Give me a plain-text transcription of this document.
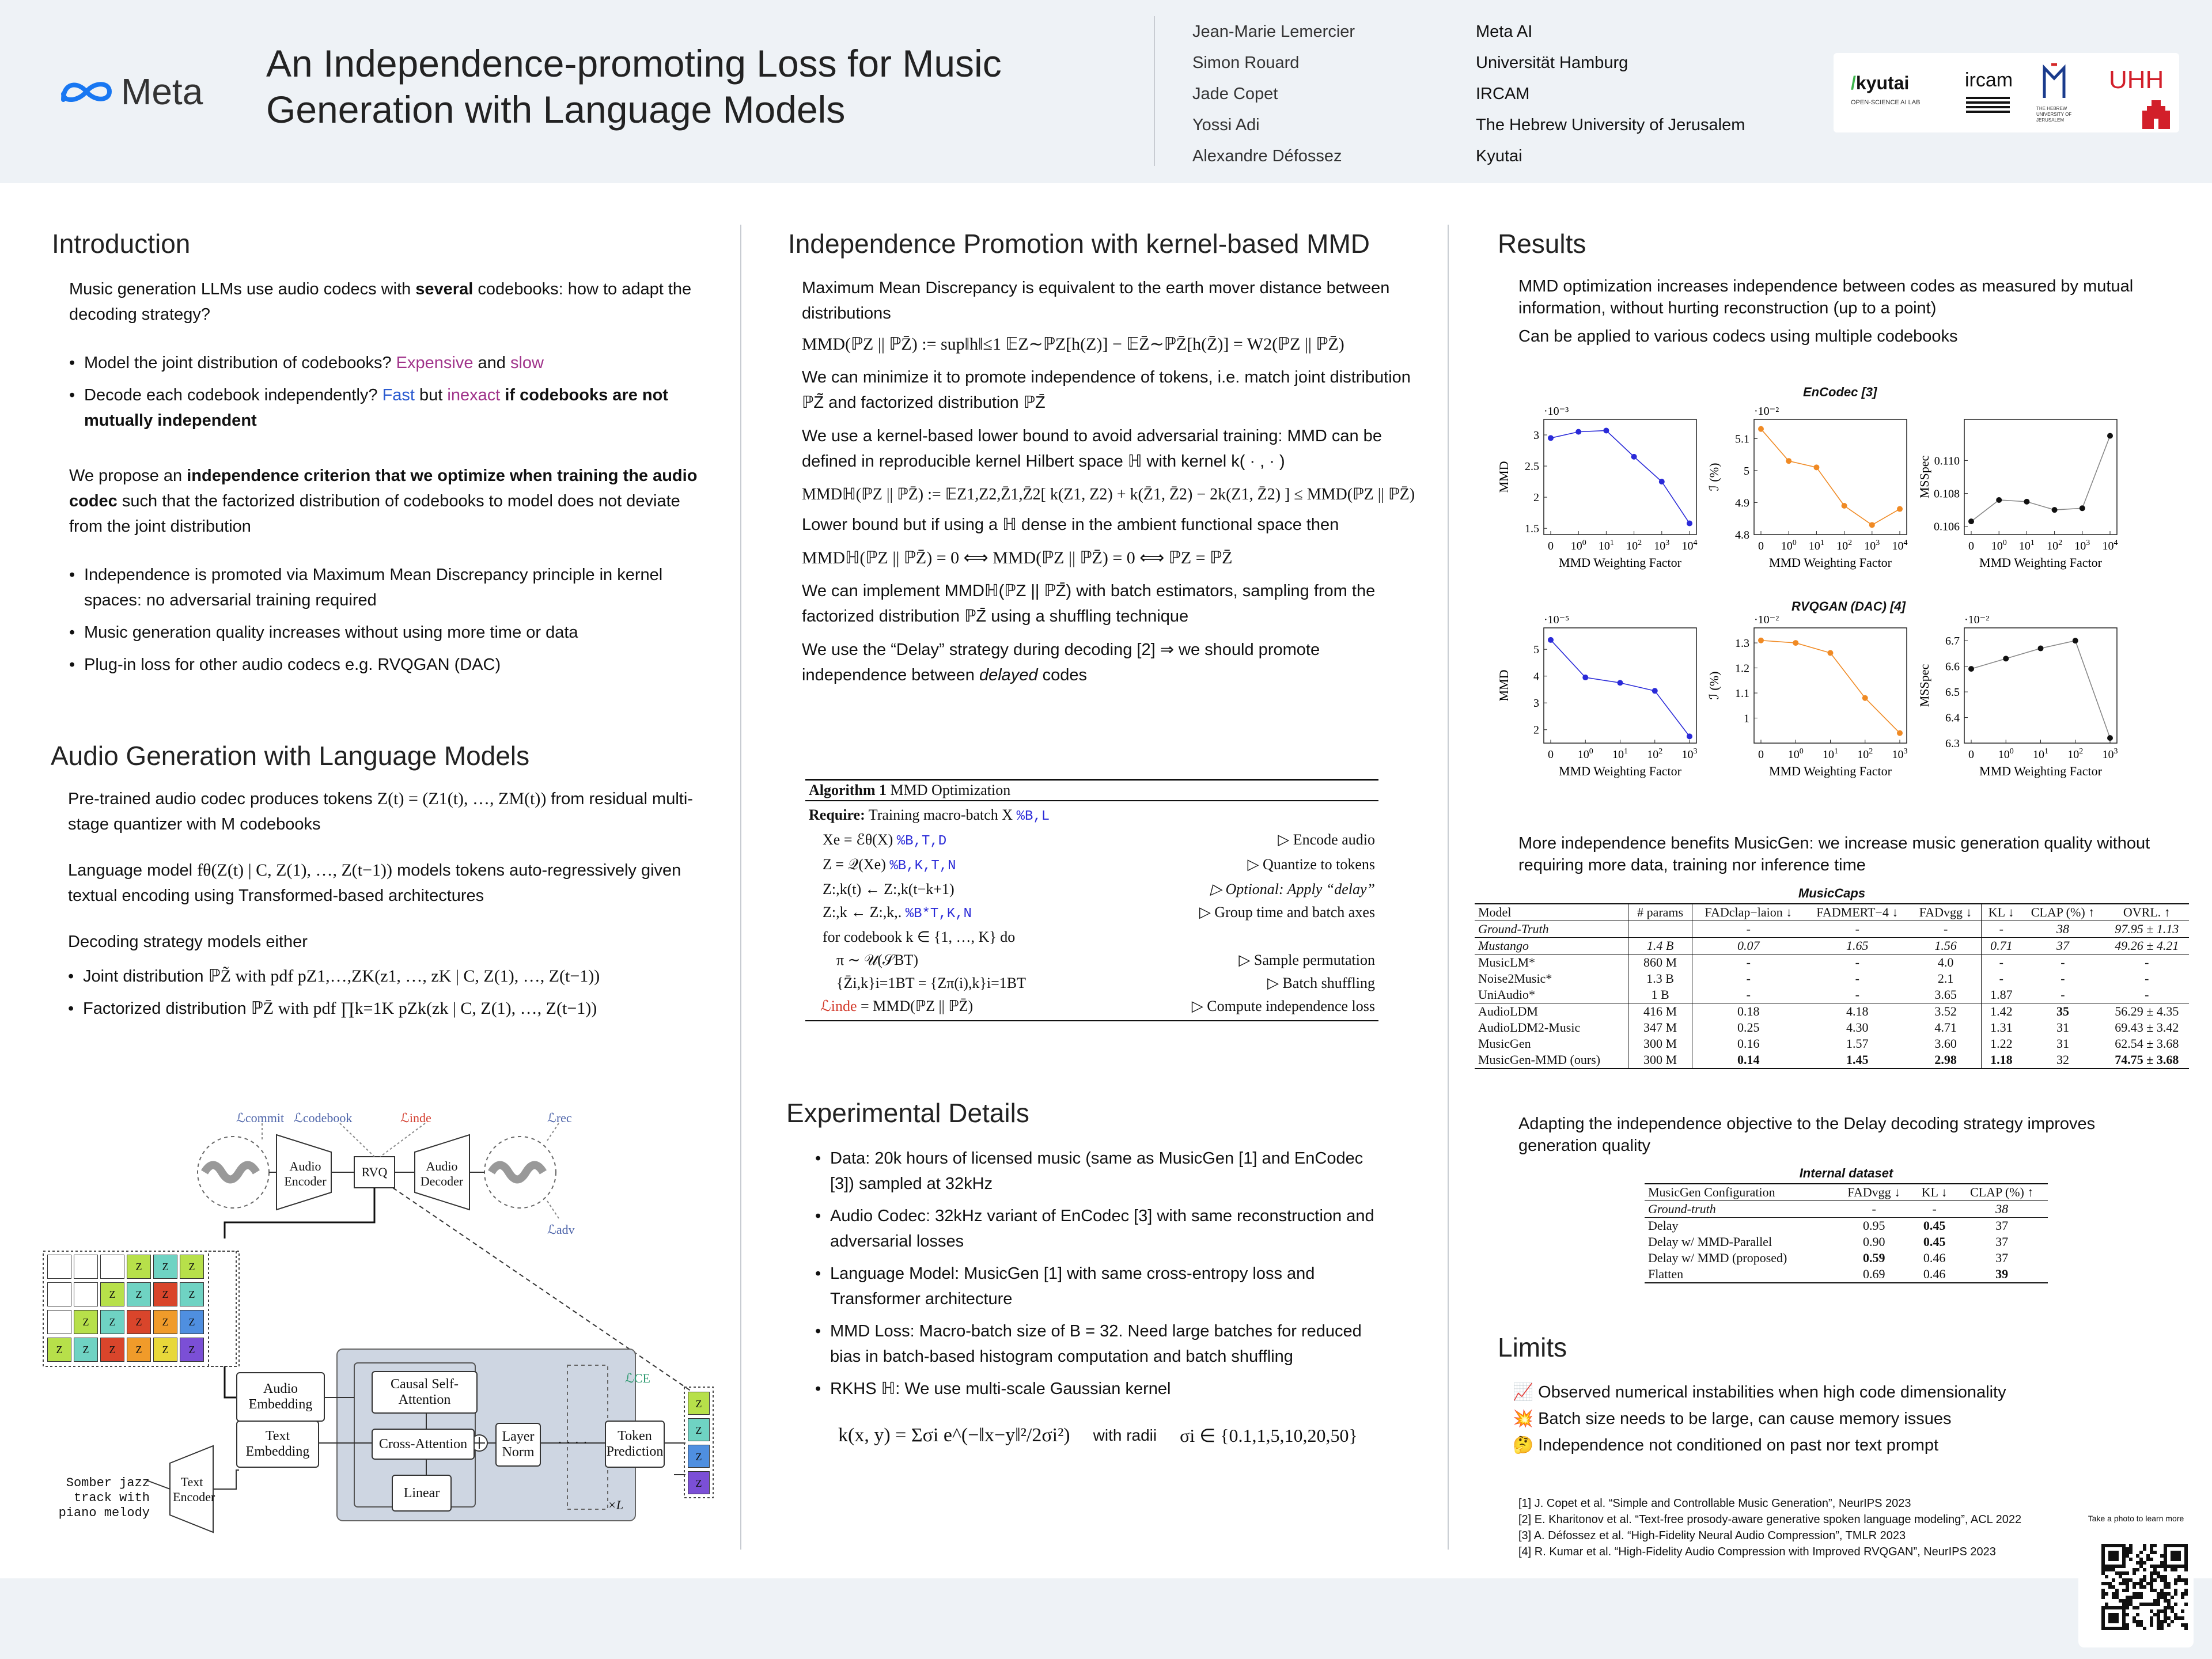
Meta
An Independence-promoting Loss for Music Generation with Language Models
Jean-Marie Lemercier
Simon Rouard
Jade Copet
Yossi Adi
Alexandre Défossez
Meta AI
Universität Hamburg
IRCAM
The Hebrew University of Jerusalem
Kyutai
/kyutai
OPEN-SCIENCE AI LAB
ircam
THE HEBREW UNIVERSITY OF JERUSALEM
UHH
Introduction

Music generation LLMs use audio codecs with several codebooks: how to adapt the decoding strategy?

• Model the joint distribution of codebooks? Expensive and slow

• Decode each codebook independently? Fast but inexact if codebooks are not mutually independent

We propose an independence criterion that we optimize when training the audio codec such that the factorized distribution of codebooks to model does not deviate from the joint distribution

• Independence is promoted via Maximum Mean Discrepancy principle in kernel spaces: no adversarial training required

• Music generation quality increases without using more time or data

• Plug-in loss for other audio codecs e.g. RVQGAN (DAC)

Audio Generation with Language Models

Pre-trained audio codec produces tokens Z(t) = (Z1(t), …, ZM(t)) from residual multi-stage quantizer with M codebooks

Language model fθ(Z(t) | C, Z(1), …, Z(t−1)) models tokens auto-regressively given textual encoding using Transformed-based architectures

Decoding strategy models either

• Joint distribution ℙZ̃ with pdf pZ1,…,ZK(z1, …, zK | C, Z(1), …, Z(t−1))

• Factorized distribution ℙZ̄ with pdf ∏k=1K pZk(zk | C, Z(1), …, Z(t−1))

ℒcommit ℒcodebook	ℒinde	ℒrec
ℒadv
ℒCE
Audio Encoder
RVQ	Audio Decoder
Z	Z	Z
Z	Z	Z	Z
Z	Z	Z	Z	Z
Z	Z	Z	Z	Z	Z
Z
Z
Z
Z
Audio Embedding
Text Embedding
Causal Self-Attention
Cross-Attention	Layer Norm
Linear
×L
· · · ·	Token Prediction
Text Encoder
Somber jazz track with piano melody
Independence Promotion with kernel-based MMD

Maximum Mean Discrepancy is equivalent to the earth mover distance between distributions

MMD(ℙZ || ℙZ̄) := sup‖h‖≤1 𝔼Z∼ℙZ[h(Z)] − 𝔼Z̄∼ℙZ̄[h(Z̄)] = W2(ℙZ || ℙZ̄)

We can minimize it to promote independence of tokens, i.e. match joint distribution ℙZ̃ and factorized distribution ℙZ̄

We use a kernel-based lower bound to avoid adversarial training: MMD can be defined in reproducible kernel Hilbert space ℍ with kernel k( · , · )

MMDℍ(ℙZ || ℙZ̄) := 𝔼Z1,Z2,Z̄1,Z̄2[ k(Z1, Z2) + k(Z̄1, Z̄2) − 2k(Z1, Z̄2) ] ≤ MMD(ℙZ || ℙZ̄)

Lower bound but if using a ℍ dense in the ambient functional space then

MMDℍ(ℙZ || ℙZ̄) = 0 ⟺ MMD(ℙZ || ℙZ̄) = 0 ⟺ ℙZ = ℙZ̄

We can implement MMDℍ(ℙZ || ℙZ̄) with batch estimators, sampling from the factorized distribution ℙZ̄ using a shuffling technique

We use the “Delay” strategy during decoding [2] ⇒ we should promote independence between delayed codes

Algorithm 1 MMD Optimization
Require: Training macro-batch X %B,L
Xe = ℰθ(X) %B,T,D	▷ Encode audio
Z = 𝒬(Xe) %B,K,T,N	▷ Quantize to tokens
Z:,k(t) ← Z:,k(t−k+1)	▷ Optional: Apply “delay”
Z:,k ← Z:,k,. %B*T,K,N	▷ Group time and batch axes
for codebook k ∈ {1, …, K} do
π ∼ 𝒰(𝒮BT)	▷ Sample permutation
{Z̄i,k}i=1BT = {Zπ(i),k}i=1BT	▷ Batch shuffling
ℒinde = MMD(ℙZ || ℙZ̄)	▷ Compute independence loss
Experimental Details

• Data: 20k hours of licensed music (same as MusicGen [1] and EnCodec [3]) sampled at 32kHz

• Audio Codec: 32kHz variant of EnCodec [3] with same reconstruction and adversarial losses

• Language Model: MusicGen [1] with same cross-entropy loss and Transformer architecture

• MMD Loss: Macro-batch size of B = 32. Need large batches for reduced bias in batch-based histogram computation and batch shuffling

• RKHS ℍ: We use multi-scale Gaussian kernel

k(x, y) = Σσi e^(−‖x−y‖²/2σi²) with radii σi ∈ {0.1,1,5,10,20,50}
Results

MMD optimization increases independence between codes as measured by mutual information, without hurting reconstruction (up to a point)

Can be applied to various codecs using multiple codebooks

EnCodec [3]
RVQGAN (DAC) [4]
1.5
2
2.5
3
0 $10^0$ $10^1$ $10^2$ $10^3$ $10^4$
MMD Weighting Factor
MMD
·10⁻³
4.8
4.9
5
5.1
0 $10^0$ $10^1$ $10^2$ $10^3$ $10^4$
MMD Weighting Factor
ℐ (%)
·10⁻²
0.106
0.108
0.110
0 $10^0$ $10^1$ $10^2$ $10^3$ $10^4$
MMD Weighting Factor
MSSpec
2
3
4
5
0 $10^0$ $10^1$ $10^2$ $10^3$
MMD Weighting Factor
MMD
·10⁻⁵
1
1.1
1.2
1.3
0 $10^0$ $10^1$ $10^2$ $10^3$
MMD Weighting Factor
ℐ (%)
·10⁻²
6.3
6.4
6.5
6.6
6.7
0 $10^0$ $10^1$ $10^2$ $10^3$
MMD Weighting Factor
MSSpec
·10⁻²

More independence benefits MusicGen: we increase music generation quality without requiring more data, training nor inference time

MusicCaps
Model	# params	FADclap−laion ↓	FADMERT−4 ↓	FADvgg ↓	KL ↓	CLAP (%) ↑	OVRL. ↑
Ground-Truth		-	-	-	-	38	97.95 ± 1.13
Mustango	1.4 B	0.07	1.65	1.56	0.71	37	49.26 ± 4.21
MusicLM*	860 M	-	-	4.0	-	-	-
Noise2Music*	1.3 B	-	-	2.1	-	-	-
UniAudio*	1 B	-	-	3.65	1.87	-	-
AudioLDM	416 M	0.18	4.18	3.52	1.42	35	56.29 ± 4.35
AudioLDM2-Music	347 M	0.25	4.30	4.71	1.31	31	69.43 ± 3.42
MusicGen	300 M	0.16	1.57	3.60	1.22	31	62.54 ± 3.68
MusicGen-MMD (ours)	300 M	0.14	1.45	2.98	1.18	32	74.75 ± 3.68

Adapting the independence objective to the Delay decoding strategy improves generation quality

Internal dataset
MusicGen Configuration	FADvgg ↓	KL ↓	CLAP (%) ↑
Ground-truth	-	-	38
Delay	0.95	0.45	37
Delay w/ MMD-Parallel	0.90	0.45	37
Delay w/ MMD (proposed)	0.59	0.46	37
Flatten	0.69	0.46	39
Limits
📈 Observed numerical instabilities when high code dimensionality
💥 Batch size needs to be large, can cause memory issues
🤔 Independence not conditioned on past nor text prompt
[1] J. Copet et al. “Simple and Controllable Music Generation”, NeurIPS 2023
[2] E. Kharitonov et al. “Text-free prosody-aware generative spoken language modeling”, ACL 2022
[3] A. Défossez et al. “High-Fidelity Neural Audio Compression”, TMLR 2023
[4] R. Kumar et al. “High-Fidelity Audio Compression with Improved RVQGAN”, NeurIPS 2023
Take a photo to learn more
